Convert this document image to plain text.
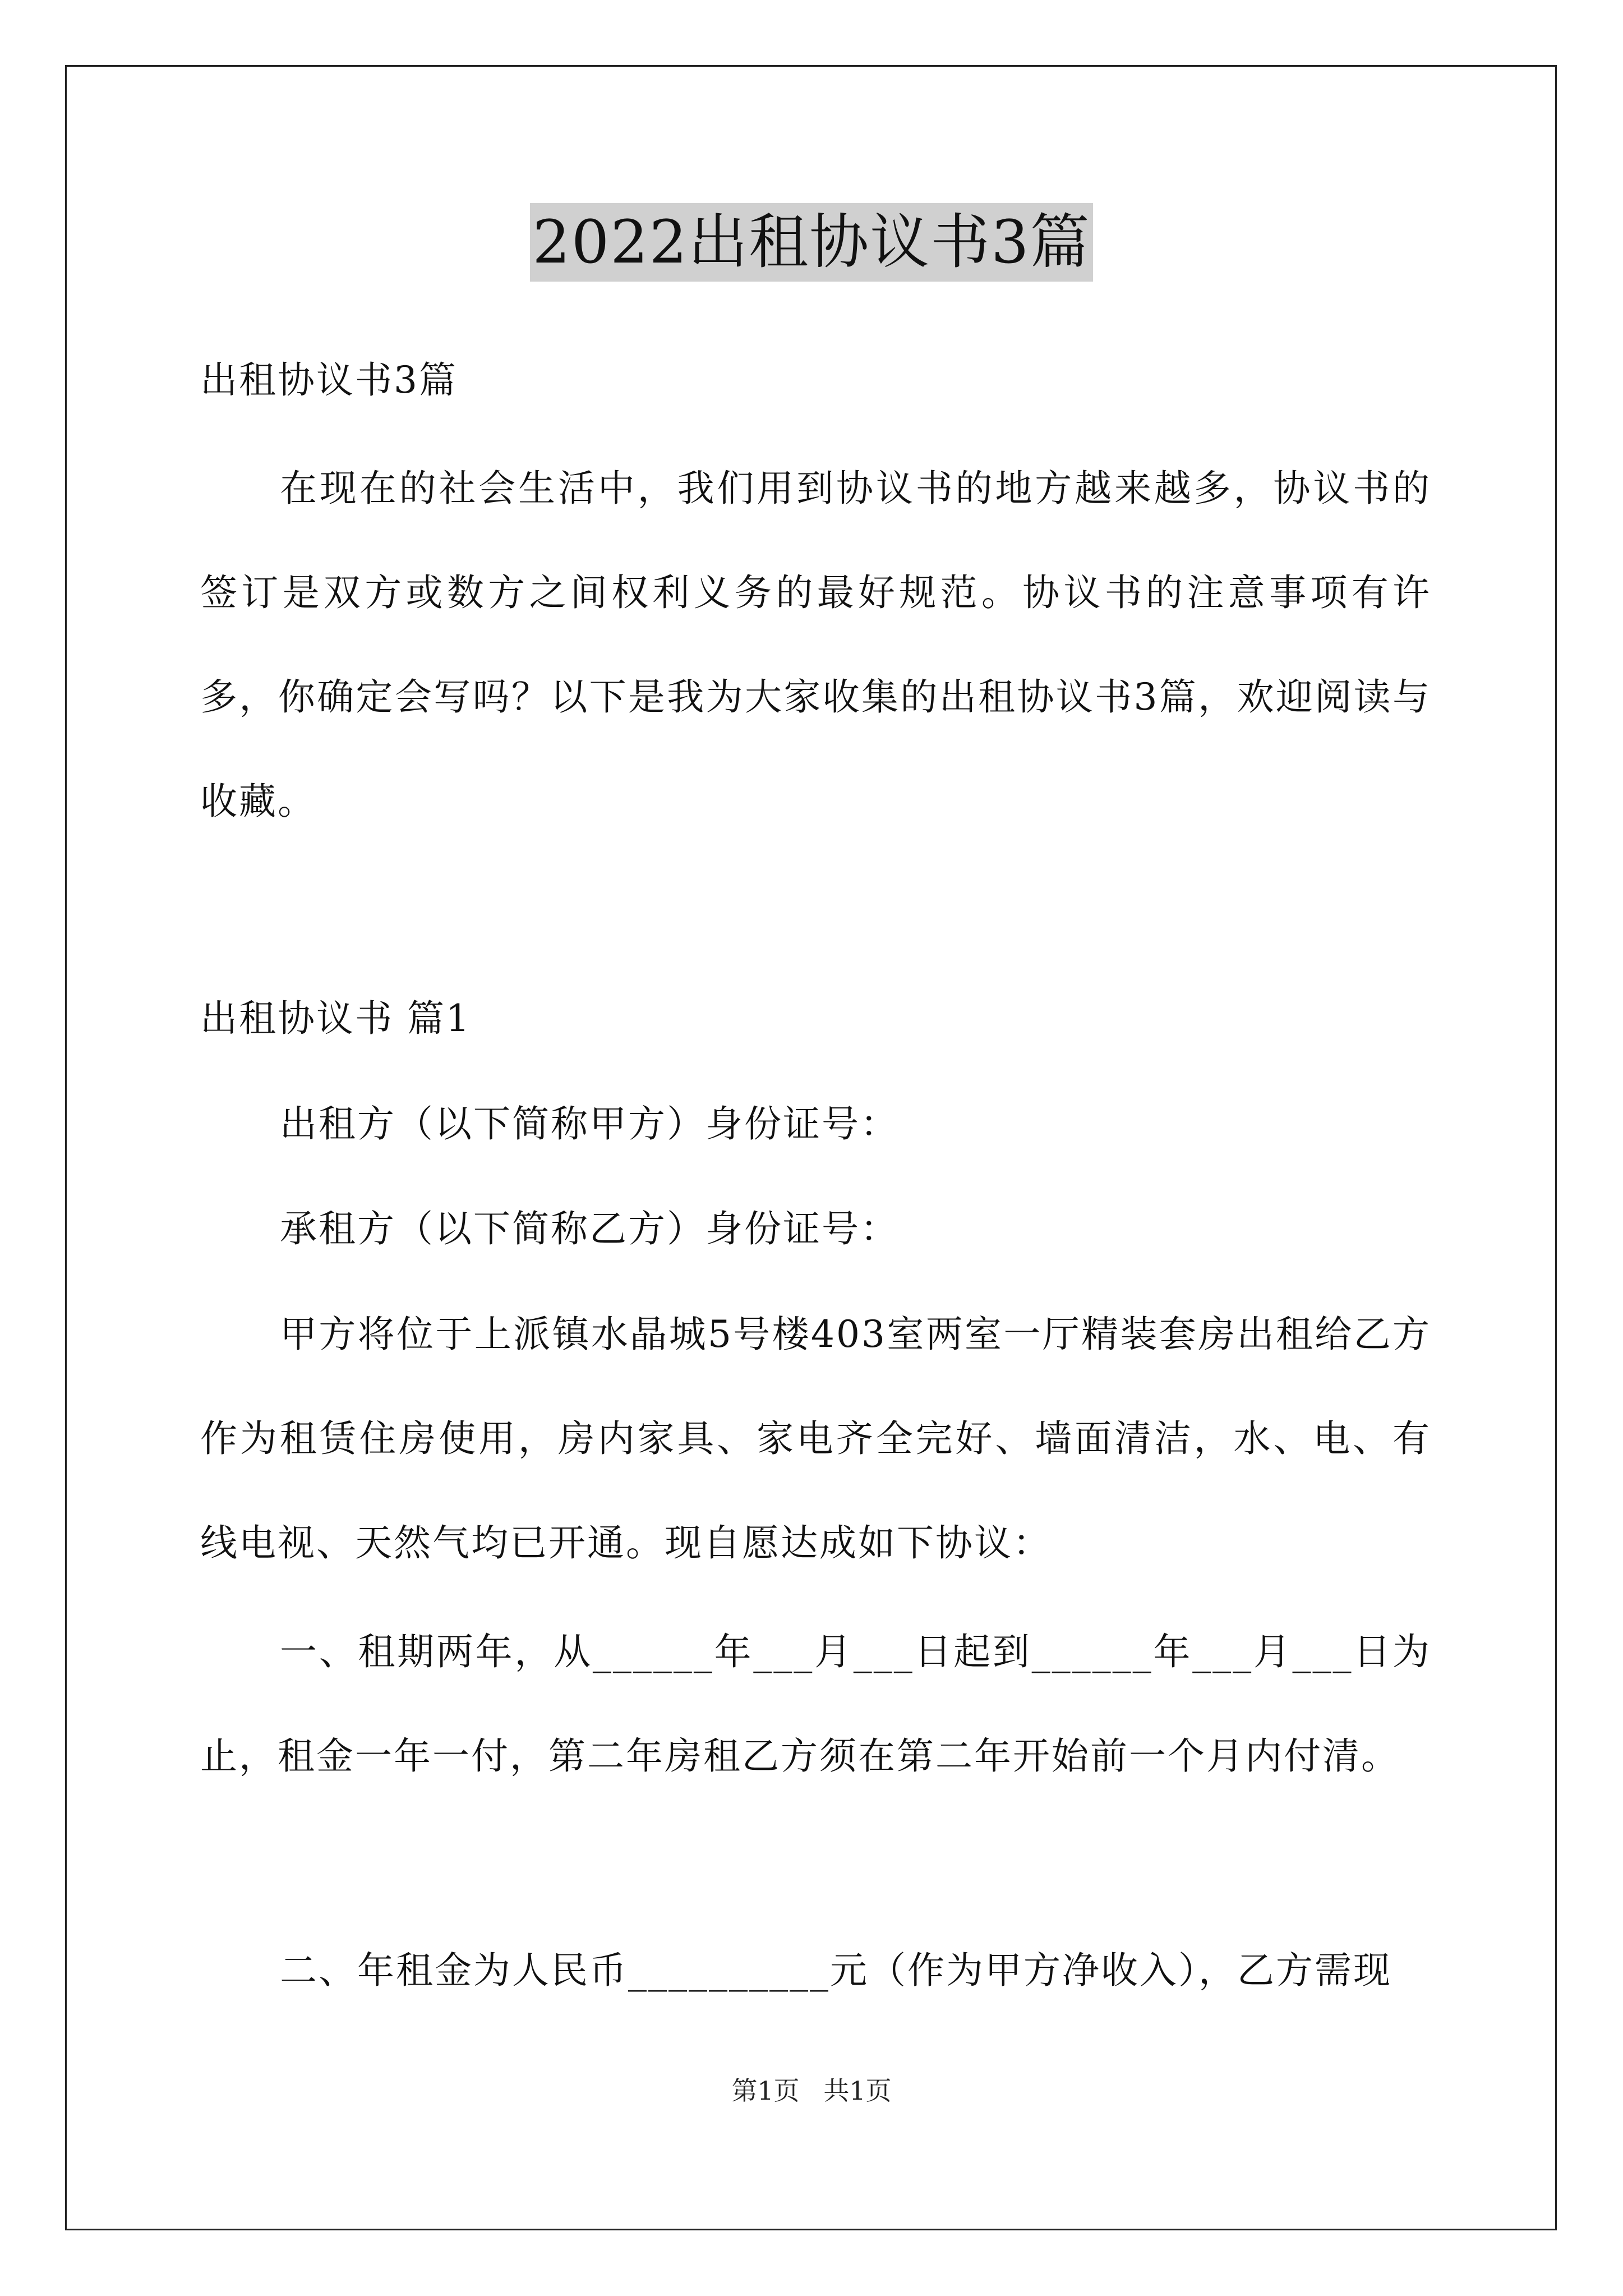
2022出租协议书3篇

出租协议书3篇

在现在的社会生活中，我们用到协议书的地方越来越多，协议书的签订是双方或数方之间权利义务的最好规范。协议书的注意事项有许多，你确定会写吗？以下是我为大家收集的出租协议书3篇，欢迎阅读与收藏。

出租协议书 篇1

出租方（以下简称甲方）身份证号：

承租方（以下简称乙方）身份证号：

甲方将位于上派镇水晶城5号楼403室两室一厅精装套房出租给乙方作为租赁住房使用，房内家具、家电齐全完好、墙面清洁，水、电、有线电视、天然气均已开通。现自愿达成如下协议：

一、租期两年，从______年___月___日起到______年___月___日为止，租金一年一付，第二年房租乙方须在第二年开始前一个月内付清。

二、年租金为人民币__________元（作为甲方净收入），乙方需现

第1页 共1页
